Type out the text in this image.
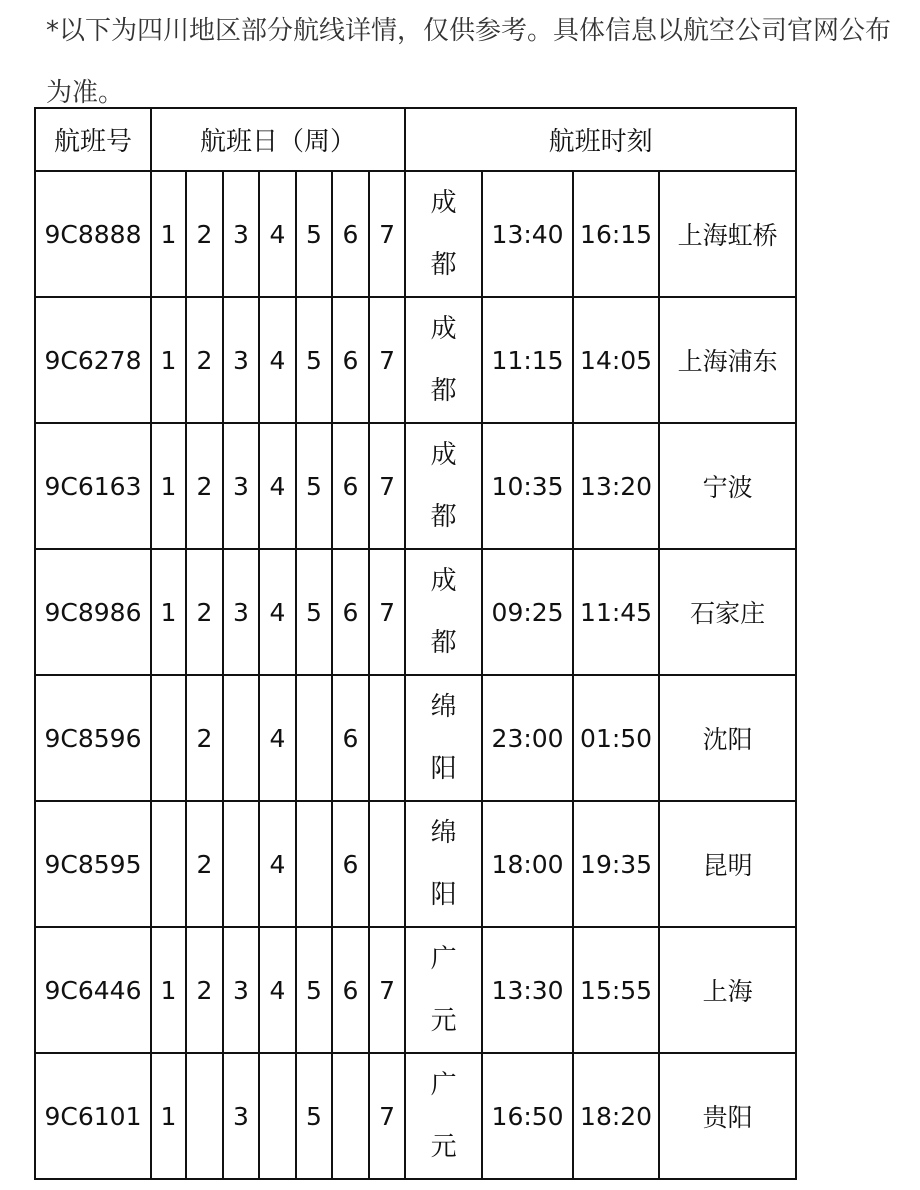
*以下为四川地区部分航线详情，仅供参考。具体信息以航空公司官网公布为准。

航班号	航班日（周）							航班时刻			
9C8888	1	2	3	4	5	6	7	成
都	13:40	16:15	上海虹桥
9C6278	1	2	3	4	5	6	7	成
都	11:15	14:05	上海浦东
9C6163	1	2	3	4	5	6	7	成
都	10:35	13:20	宁波
9C8986	1	2	3	4	5	6	7	成
都	09:25	11:45	石家庄
9C8596		2		4		6		绵
阳	23:00	01:50	沈阳
9C8595		2		4		6		绵
阳	18:00	19:35	昆明
9C6446	1	2	3	4	5	6	7	广
元	13:30	15:55	上海
9C6101	1		3		5		7	广
元	16:50	18:20	贵阳
